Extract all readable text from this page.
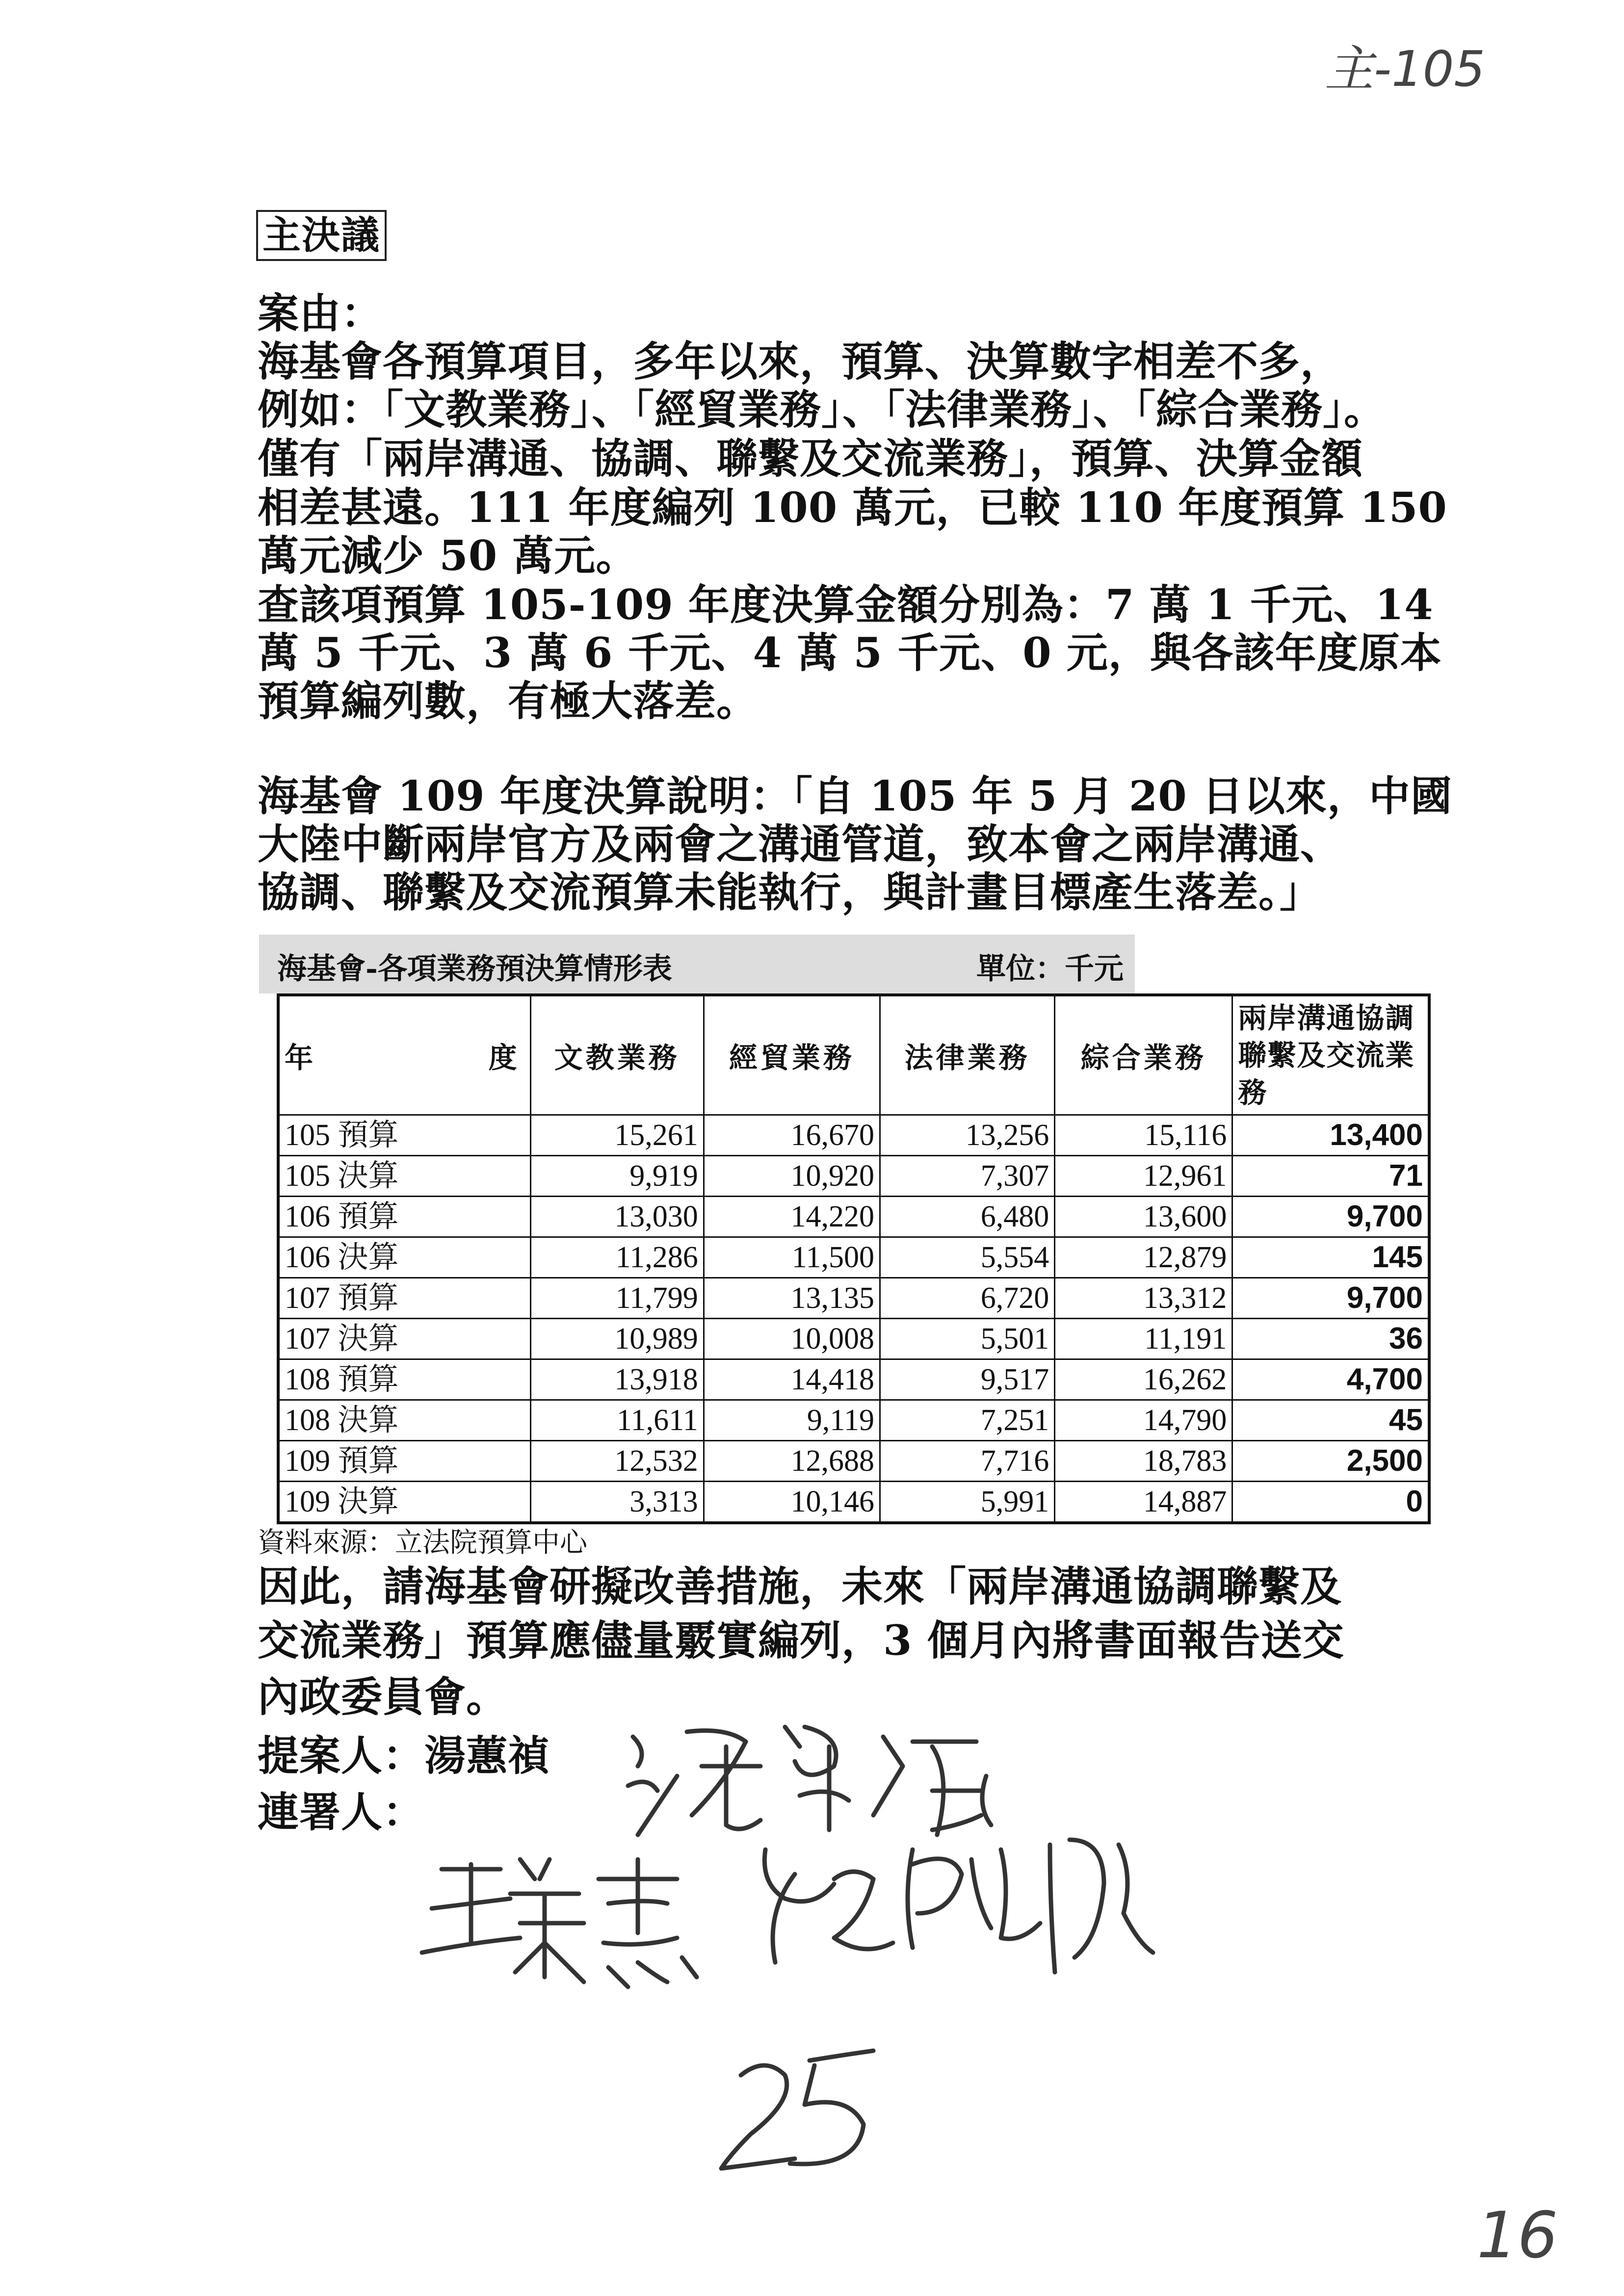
主-105
主決議
案由：
海基會各預算項目，多年以來，預算、決算數字相差不多，
例如：「文教業務」、「經貿業務」、「法律業務」、「綜合業務」。
僅有「兩岸溝通、協調、聯繫及交流業務」，預算、決算金額
相差甚遠。111 年度編列 100 萬元，已較 110 年度預算 150
萬元減少 50 萬元。
查該項預算 105-109 年度決算金額分別為：7 萬 1 千元、14
萬 5 千元、3 萬 6 千元、4 萬 5 千元、0 元，與各該年度原本
預算編列數，有極大落差。
海基會 109 年度決算說明：「自 105 年 5 月 20 日以來，中國
大陸中斷兩岸官方及兩會之溝通管道，致本會之兩岸溝通、
協調、聯繫及交流預算未能執行，與計畫目標產生落差。」
海基會-各項業務預決算情形表	單位：千元
年 度	文教業務	經貿業務	法律業務	綜合業務	兩岸溝通協調聯繫及交流業務
105 預算	15,261	16,670	13,256	15,116	13,400
105 決算	9,919	10,920	7,307	12,961	71
106 預算	13,030	14,220	6,480	13,600	9,700
106 決算	11,286	11,500	5,554	12,879	145
107 預算	11,799	13,135	6,720	13,312	9,700
107 決算	10,989	10,008	5,501	11,191	36
108 預算	13,918	14,418	9,517	16,262	4,700
108 決算	11,611	9,119	7,251	14,790	45
109 預算	12,532	12,688	7,716	18,783	2,500
109 決算	3,313	10,146	5,991	14,887	0
資料來源：立法院預算中心
因此，請海基會研擬改善措施，未來「兩岸溝通協調聯繫及
交流業務」預算應儘量覈實編列，3 個月內將書面報告送交
內政委員會。
提案人：湯蕙禎
連署人：
16
